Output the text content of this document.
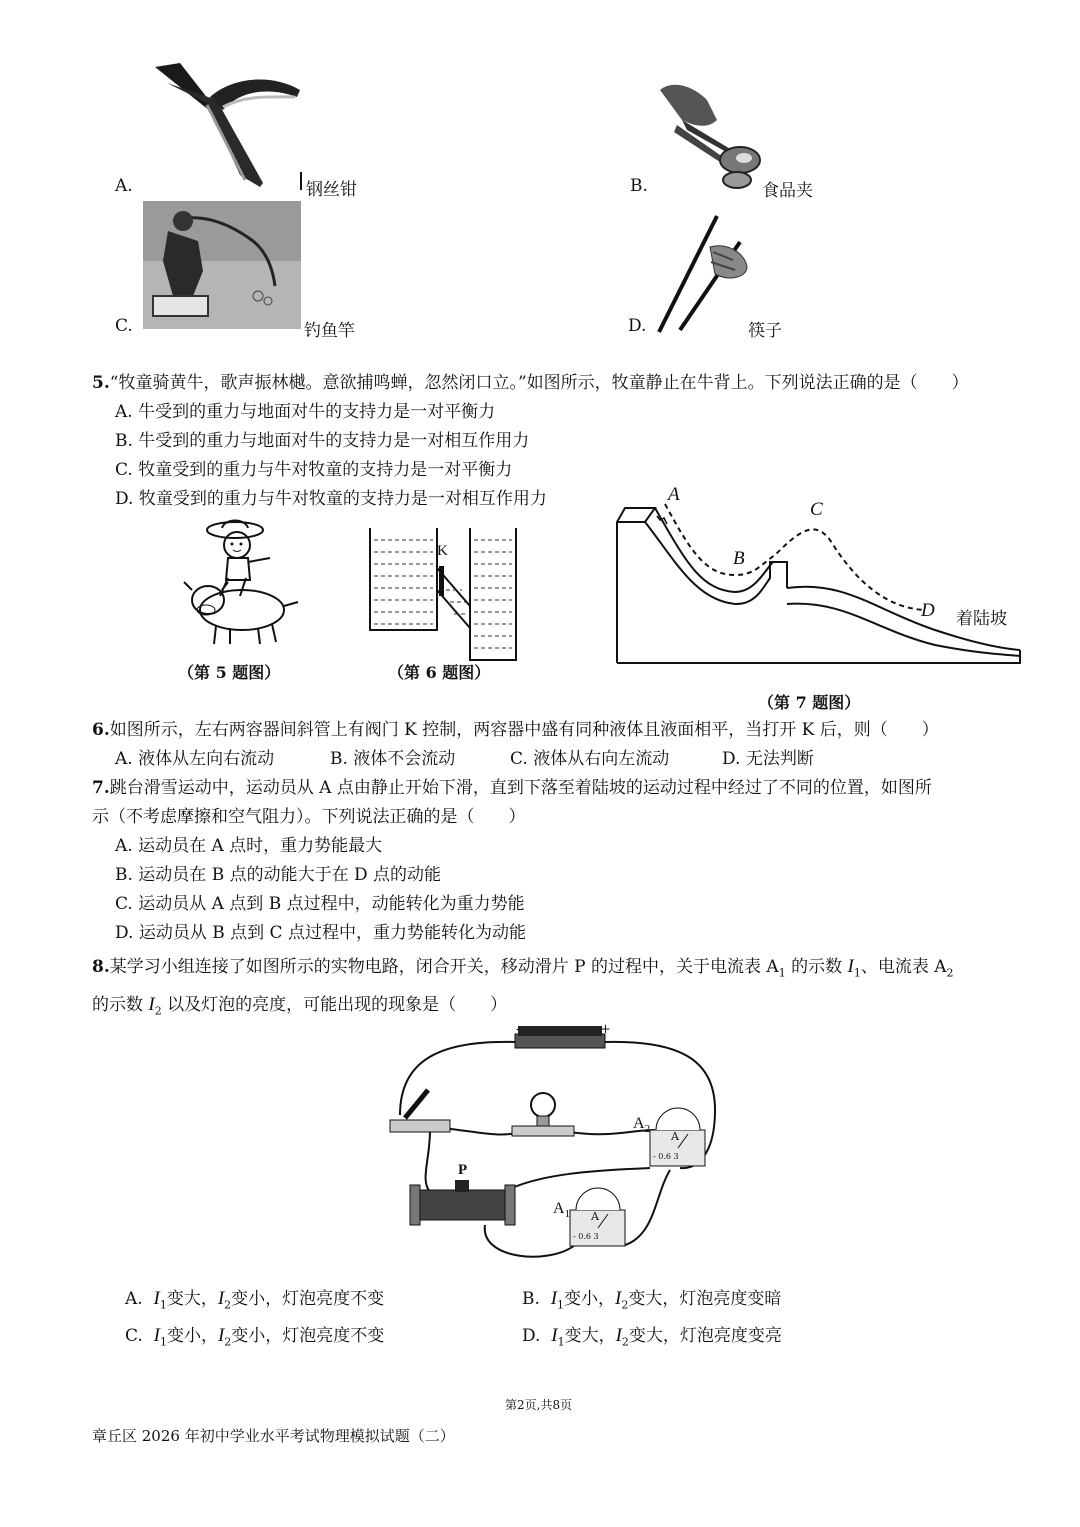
A.	钢丝钳	B.	食品夹
C.	钓鱼竿	D.	筷子
5.“牧童骑黄牛，歌声振林樾。意欲捕鸣蝉，忽然闭口立。”如图所示，牧童静止在牛背上。下列说法正确的是（　　）
A. 牛受到的重力与地面对牛的支持力是一对平衡力
B. 牛受到的重力与地面对牛的支持力是一对相互作用力
C. 牧童受到的重力与牛对牧童的支持力是一对平衡力
D. 牧童受到的重力与牛对牧童的支持力是一对相互作用力
（第 5 题图）
K
（第 6 题图）
A
B
C
D 着陆坡
（第 7 题图）
6.如图所示，左右两容器间斜管上有阀门 K 控制，两容器中盛有同种液体且液面相平，当打开 K 后，则（　　）
A. 液体从左向右流动	B. 液体不会流动	C. 液体从右向左流动	D. 无法判断
7.跳台滑雪运动中，运动员从 A 点由静止开始下滑，直到下落至着陆坡的运动过程中经过了不同的位置，如图所
示（不考虑摩擦和空气阻力）。下列说法正确的是（　　）
A. 运动员在 A 点时，重力势能最大
B. 运动员在 B 点的动能大于在 D 点的动能
C. 运动员从 A 点到 B 点过程中，动能转化为重力势能
D. 运动员从 B 点到 C 点过程中，重力势能转化为动能
8.某学习小组连接了如图所示的实物电路，闭合开关，移动滑片 P 的过程中，关于电流表 $A_1$ 的示数 $I_1$、电流表 $A_2$
的示数 $I_2$ 以及灯泡的亮度，可能出现的现象是（　　）
-	+
$A_2$
$A_1$
P
A
A
- 0.6 3
- 0.6 3
A. $I_1$变大，$I_2$变小，灯泡亮度不变	B. $I_1$变小，$I_2$变大，灯泡亮度变暗
C. $I_1$变小，$I_2$变小，灯泡亮度不变	D. $I_1$变大，$I_2$变大，灯泡亮度变亮
第2页,共8页
章丘区 2026 年初中学业水平考试物理模拟试题（二）
